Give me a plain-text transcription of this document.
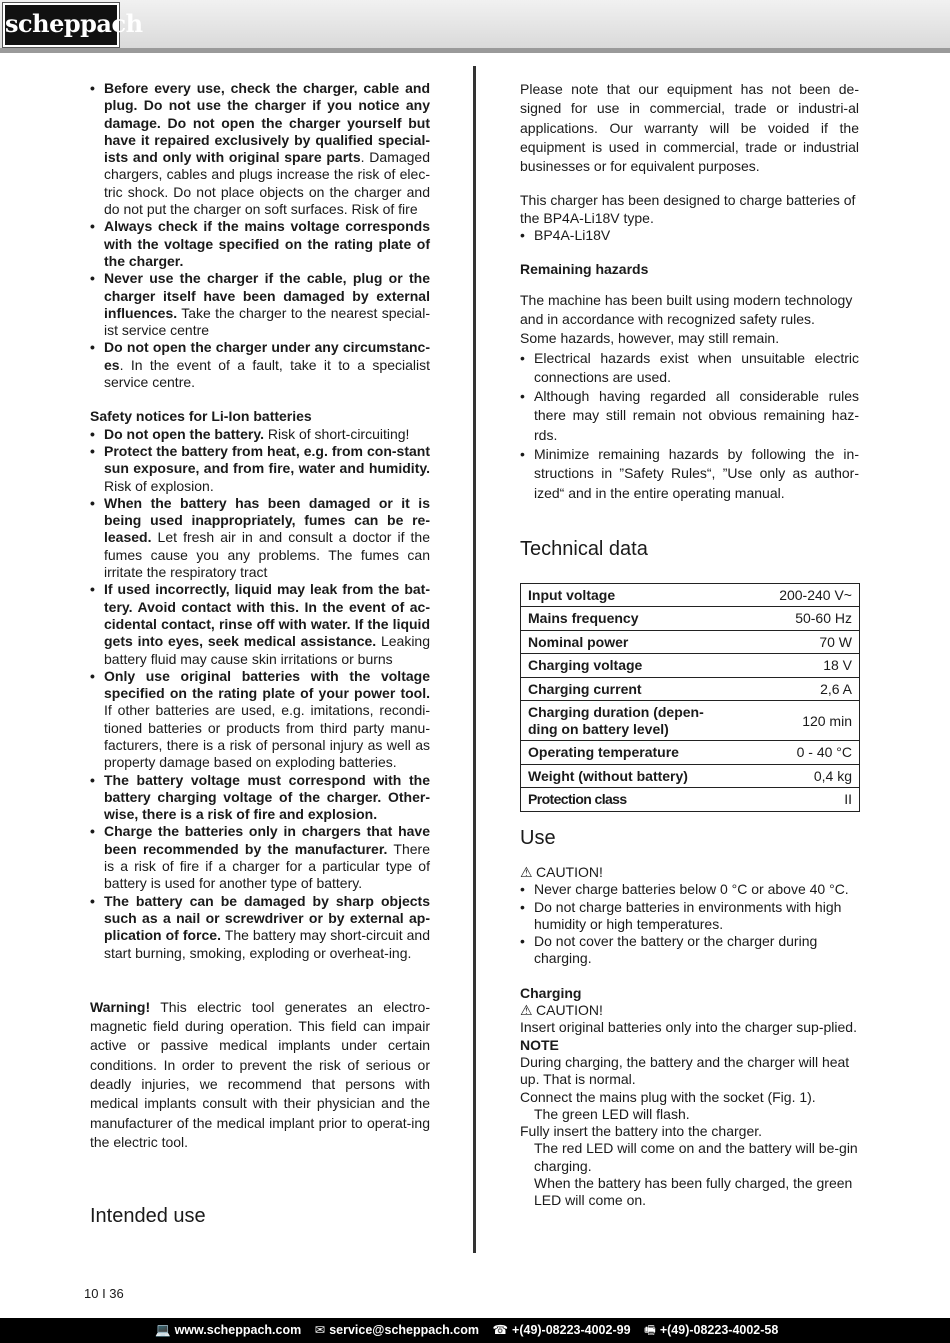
scheppach
• Before every use, check the charger, cable and plug. Do not use the charger if you notice any damage. Do not open the charger yourself but have it repaired exclusively by qualified special-ists and only with original spare parts. Damaged chargers, cables and plugs increase the risk of elec-tric shock. Do not place objects on the charger and do not put the charger on soft surfaces. Risk of fire
• Always check if the mains voltage corresponds with the voltage specified on the rating plate of the charger.
• Never use the charger if the cable, plug or the charger itself have been damaged by external influences. Take the charger to the nearest special-ist service centre
• Do not open the charger under any circumstanc-es. In the event of a fault, take it to a specialist service centre.

Safety notices for Li-Ion batteries

• Do not open the battery. Risk of short-circuiting!
• Protect the battery from heat, e.g. from con-stant sun exposure, and from fire, water and humidity. Risk of explosion.
• When the battery has been damaged or it is being used inappropriately, fumes can be re-leased. Let fresh air in and consult a doctor if the fumes cause you any problems. The fumes can irritate the respiratory tract
• If used incorrectly, liquid may leak from the bat-tery. Avoid contact with this. In the event of ac-cidental contact, rinse off with water. If the liquid gets into eyes, seek medical assistance. Leaking battery fluid may cause skin irritations or burns
• Only use original batteries with the voltage specified on the rating plate of your power tool. If other batteries are used, e.g. imitations, recondi-tioned batteries or products from third party manu-facturers, there is a risk of personal injury as well as property damage based on exploding batteries.
• The battery voltage must correspond with the battery charging voltage of the charger. Other-wise, there is a risk of fire and explosion.
• Charge the batteries only in chargers that have been recommended by the manufacturer. There is a risk of fire if a charger for a particular type of battery is used for another type of battery.
• The battery can be damaged by sharp objects such as a nail or screwdriver or by external ap-plication of force. The battery may short-circuit and start burning, smoking, exploding or overheat-ing.

Warning! This electric tool generates an electro-magnetic field during operation. This field can impair active or passive medical implants under certain conditions. In order to prevent the risk of serious or deadly injuries, we recommend that persons with medical implants consult with their physician and the manufacturer of the medical implant prior to operat-ing the electric tool.

Intended use

Please note that our equipment has not been de-signed for use in commercial, trade or industri-al applications. Our warranty will be voided if the equipment is used in commercial, trade or industrial businesses or for equivalent purposes.

This charger has been designed to charge batteries of the BP4A-Li18V type.

• BP4A-Li18V

Remaining hazards

The machine has been built using modern technology and in accordance with recognized safety rules.

Some hazards, however, may still remain.

• Electrical hazards exist when unsuitable electric connections are used.
• Although having regarded all considerable rules there may still remain not obvious remaining haz-rds.
• Minimize remaining hazards by following the in-structions in ”Safety Rules“, ”Use only as author-ized“ and in the entire operating manual.

Technical data

Input voltage	200-240 V~
Mains frequency	50-60 Hz
Nominal power	70 W
Charging voltage	18 V
Charging current	2,6 A
Charging duration (depen-ding on battery level)	120 min
Operating temperature	0 - 40 °C
Weight (without battery)	0,4 kg
Protection class	II

Use

⚠ CAUTION!

• Never charge batteries below 0 °C or above 40 °C.
• Do not charge batteries in environments with high humidity or high temperatures.
• Do not cover the battery or the charger during charging.

Charging

⚠ CAUTION!

Insert original batteries only into the charger sup-plied.

NOTE

During charging, the battery and the charger will heat up. That is normal.

Connect the mains plug with the socket (Fig. 1).

The green LED will flash.

Fully insert the battery into the charger.

The red LED will come on and the battery will be-gin charging.

When the battery has been fully charged, the green LED will come on.

10 I 36
💻 www.scheppach.com ✉ service@scheppach.com ☎ +(49)-08223-4002-99 🖷 +(49)-08223-4002-58
